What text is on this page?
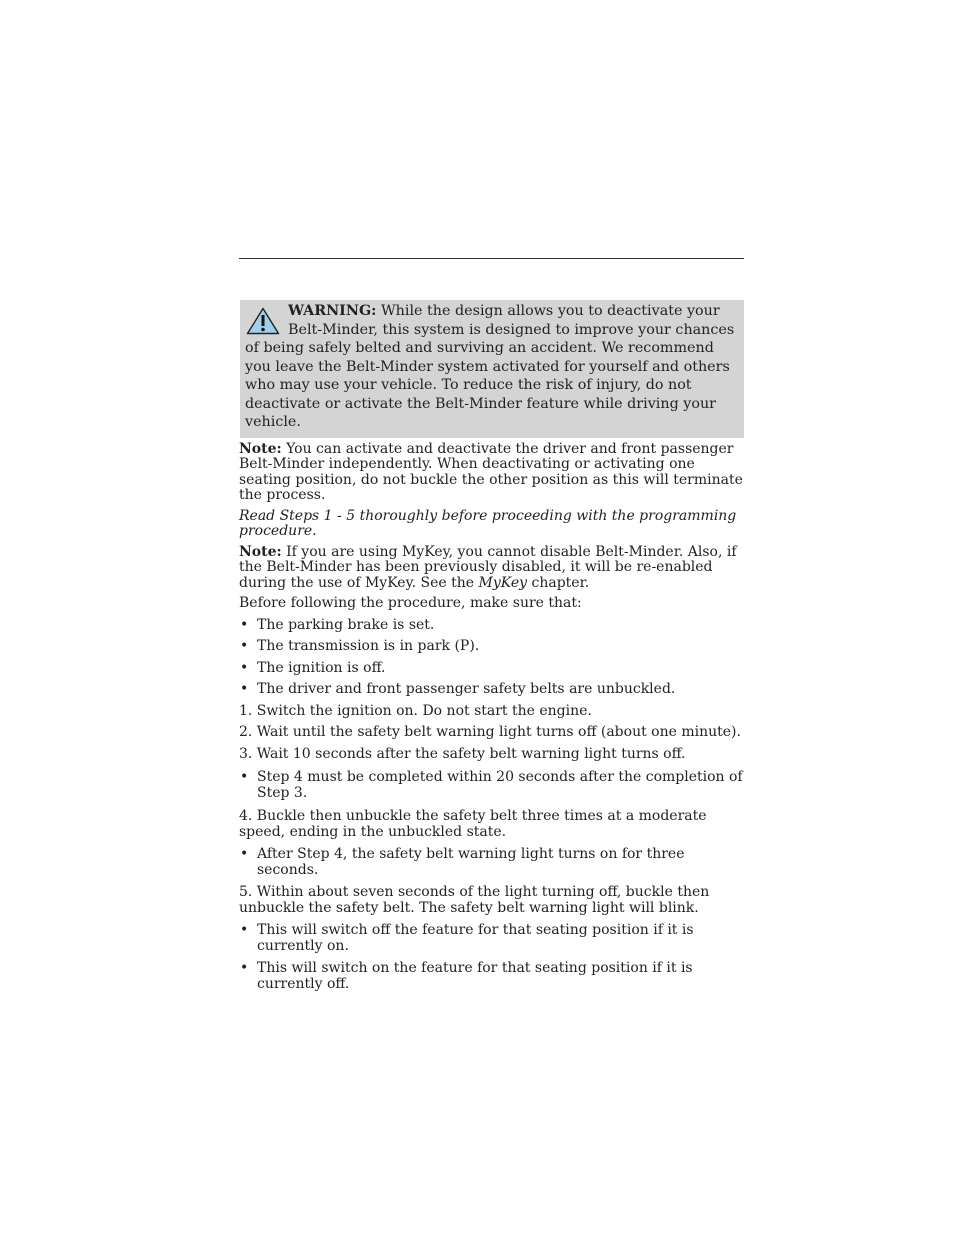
WARNING: While the design allows you to deactivate your Belt-Minder, this system is designed to improve your chances of being safely belted and surviving an accident. We recommend you leave the Belt-Minder system activated for yourself and others who may use your vehicle. To reduce the risk of injury, do not deactivate or activate the Belt-Minder feature while driving your vehicle.

Note: You can activate and deactivate the driver and front passenger Belt-Minder independently. When deactivating or activating one seating position, do not buckle the other position as this will terminate the process.

Read Steps 1 - 5 thoroughly before proceeding with the programming procedure.

Note: If you are using MyKey, you cannot disable Belt-Minder. Also, if the Belt-Minder has been previously disabled, it will be re-enabled during the use of MyKey. See the MyKey chapter.

Before following the procedure, make sure that:

• The parking brake is set.
• The transmission is in park (P).
• The ignition is off.
• The driver and front passenger safety belts are unbuckled.

1. Switch the ignition on. Do not start the engine.

2. Wait until the safety belt warning light turns off (about one minute).

3. Wait 10 seconds after the safety belt warning light turns off.

• Step 4 must be completed within 20 seconds after the completion of Step 3.

4. Buckle then unbuckle the safety belt three times at a moderate speed, ending in the unbuckled state.

• After Step 4, the safety belt warning light turns on for three seconds.

5. Within about seven seconds of the light turning off, buckle then unbuckle the safety belt. The safety belt warning light will blink.

• This will switch off the feature for that seating position if it is currently on.
• This will switch on the feature for that seating position if it is currently off.
